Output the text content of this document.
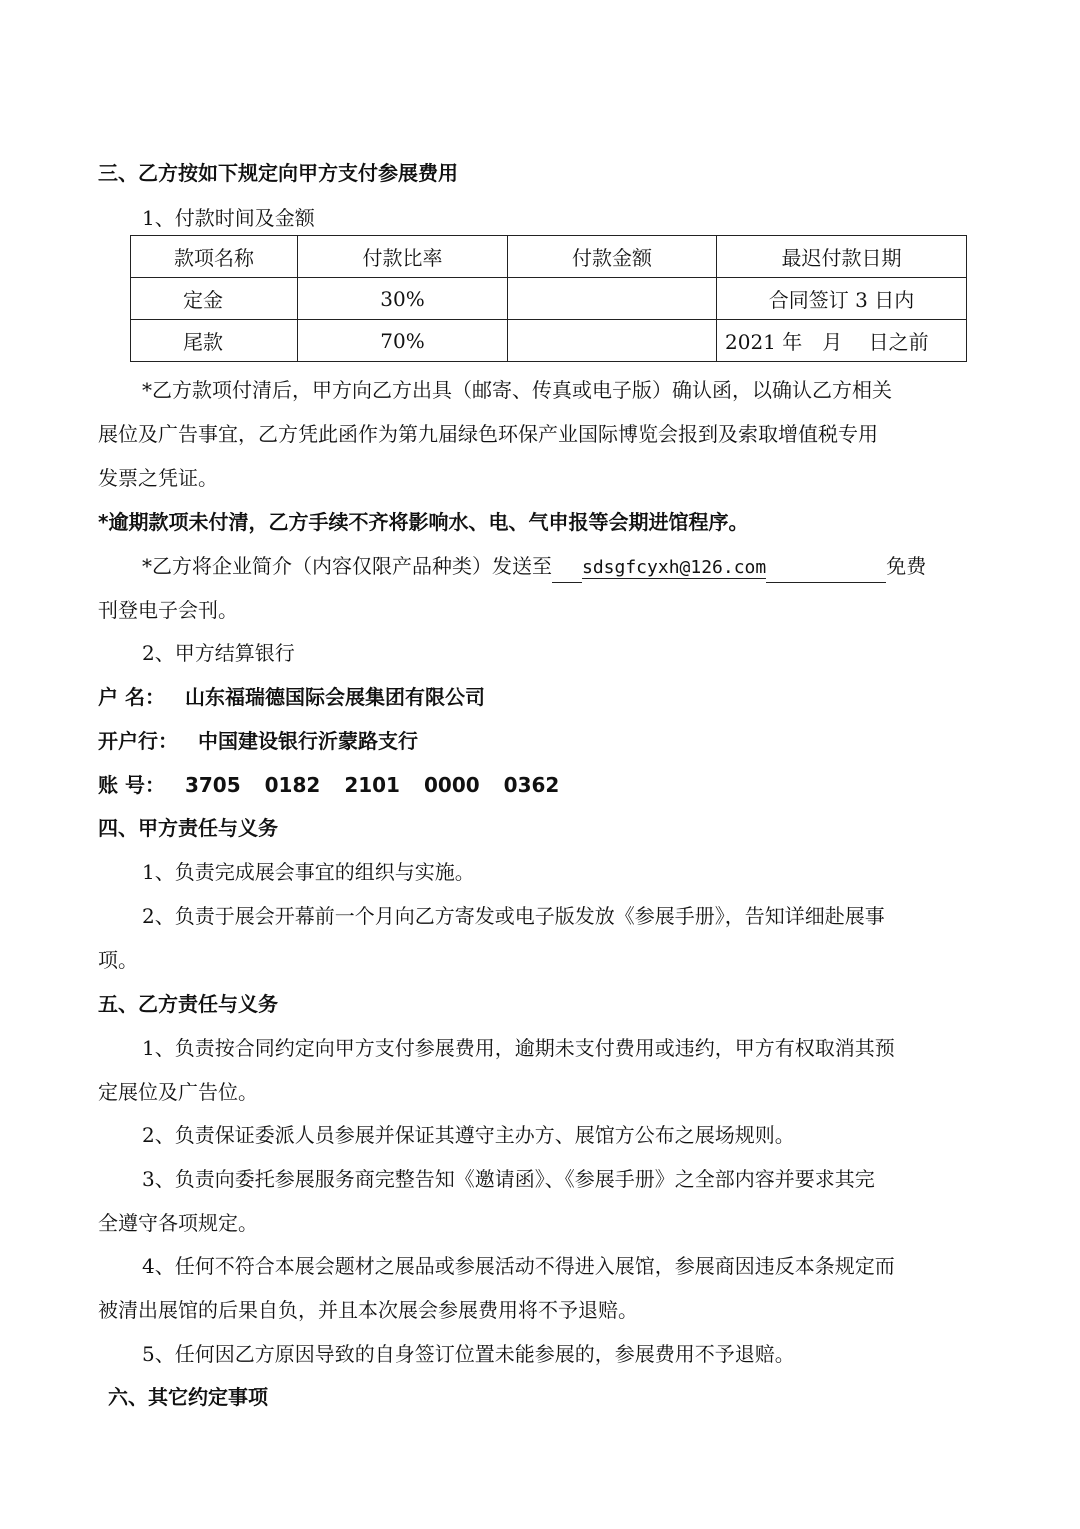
三、乙方按如下规定向甲方支付参展费用
1、付款时间及金额
款项名称	付款比率	付款金额	最迟付款日期
定金	30%		合同签订 3 日内
尾款	70%		2021 年　月　 日之前
*乙方款项付清后，甲方向乙方出具（邮寄、传真或电子版）确认函，以确认乙方相关
展位及广告事宜，乙方凭此函作为第九届绿色环保产业国际博览会报到及索取增值税专用
发票之凭证。
*逾期款项未付清，乙方手续不齐将影响水、电、气申报等会期进馆程序。
*乙方将企业简介（内容仅限产品种类）发送至 sdsgfcyxh@126.com	免费
刊登电子会刊。
2、甲方结算银行
户 名： 山东福瑞德国际会展集团有限公司
开户行： 中国建设银行沂蒙路支行
账 号： 3705 0182 2101 0000 0362
四、甲方责任与义务
1、负责完成展会事宜的组织与实施。
2、负责于展会开幕前一个月向乙方寄发或电子版发放《参展手册》，告知详细赴展事
项。
五、乙方责任与义务
1、负责按合同约定向甲方支付参展费用，逾期未支付费用或违约，甲方有权取消其预
定展位及广告位。
2、负责保证委派人员参展并保证其遵守主办方、展馆方公布之展场规则。
3、负责向委托参展服务商完整告知《邀请函》、《参展手册》之全部内容并要求其完
全遵守各项规定。
4、任何不符合本展会题材之展品或参展活动不得进入展馆，参展商因违反本条规定而
被清出展馆的后果自负，并且本次展会参展费用将不予退赔。
5、任何因乙方原因导致的自身签订位置未能参展的，参展费用不予退赔。
六、其它约定事项
